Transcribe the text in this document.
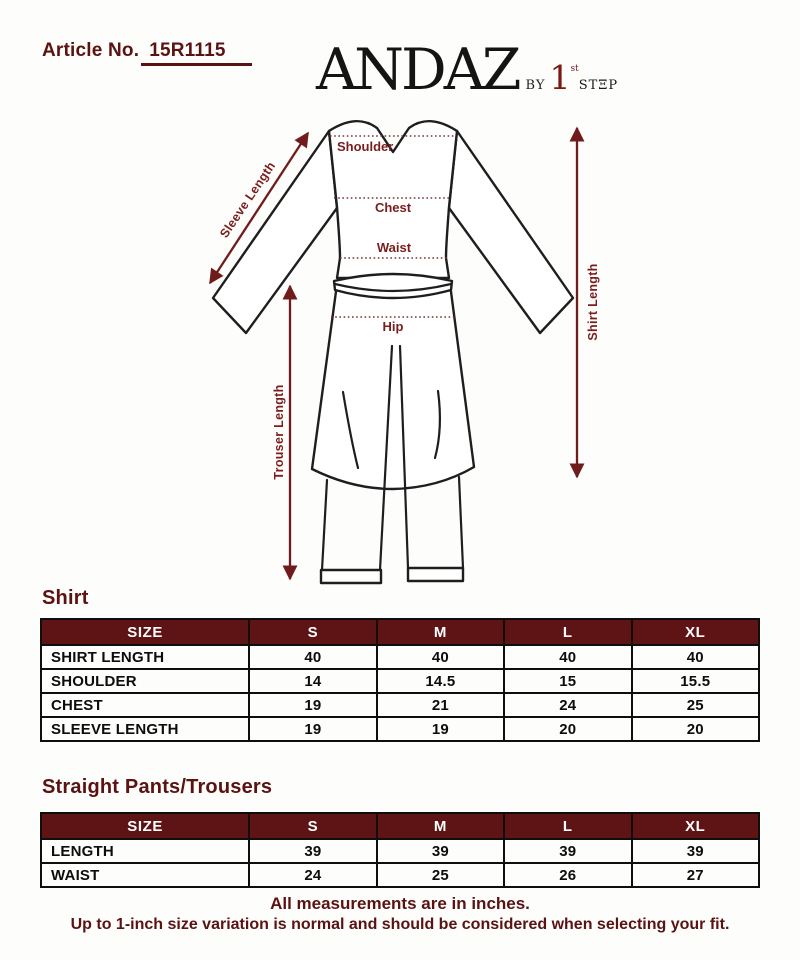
Shoulder
Chest
Waist
Hip
Sleeve Length
Shirt Length
Trouser Length
Article No. 15R1115	ANDAZ BY 1stSTΞP
Shirt
SIZE	S	M	L	XL
SHIRT LENGTH	40	40	40	40
SHOULDER	14	14.5	15	15.5
CHEST	19	21	24	25
SLEEVE LENGTH	19	19	20	20
Straight Pants/Trousers
SIZE	S	M	L	XL
LENGTH	39	39	39	39
WAIST	24	25	26	27
All measurements are in inches.
Up to 1-inch size variation is normal and should be considered when selecting your fit.
